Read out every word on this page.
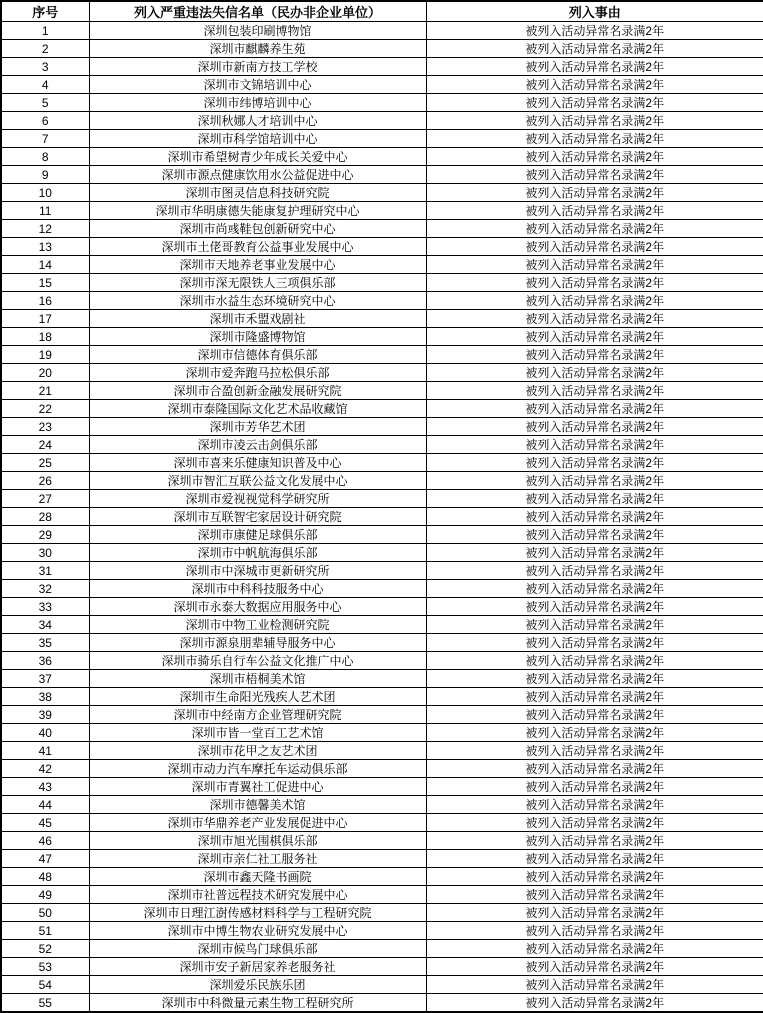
序号	列入严重违法失信名单（民办非企业单位）	列入事由
1	深圳包装印刷博物馆	被列入活动异常名录满2年
2	深圳市麒麟养生苑	被列入活动异常名录满2年
3	深圳市新南方技工学校	被列入活动异常名录满2年
4	深圳市文锦培训中心	被列入活动异常名录满2年
5	深圳市纬博培训中心	被列入活动异常名录满2年
6	深圳秋娜人才培训中心	被列入活动异常名录满2年
7	深圳市科学馆培训中心	被列入活动异常名录满2年
8	深圳市希望树青少年成长关爱中心	被列入活动异常名录满2年
9	深圳市源点健康饮用水公益促进中心	被列入活动异常名录满2年
10	深圳市图灵信息科技研究院	被列入活动异常名录满2年
11	深圳市华明康德失能康复护理研究中心	被列入活动异常名录满2年
12	深圳市尚彧鞋包创新研究中心	被列入活动异常名录满2年
13	深圳市土佬哥教育公益事业发展中心	被列入活动异常名录满2年
14	深圳市天地养老事业发展中心	被列入活动异常名录满2年
15	深圳市深无限铁人三项俱乐部	被列入活动异常名录满2年
16	深圳市水益生态环境研究中心	被列入活动异常名录满2年
17	深圳市禾盟戏剧社	被列入活动异常名录满2年
18	深圳市隆盛博物馆	被列入活动异常名录满2年
19	深圳市信德体育俱乐部	被列入活动异常名录满2年
20	深圳市爱奔跑马拉松俱乐部	被列入活动异常名录满2年
21	深圳市合盈创新金融发展研究院	被列入活动异常名录满2年
22	深圳市泰隆国际文化艺术品收藏馆	被列入活动异常名录满2年
23	深圳市芳华艺术团	被列入活动异常名录满2年
24	深圳市凌云击剑俱乐部	被列入活动异常名录满2年
25	深圳市喜来乐健康知识普及中心	被列入活动异常名录满2年
26	深圳市智汇互联公益文化发展中心	被列入活动异常名录满2年
27	深圳市爱视视觉科学研究所	被列入活动异常名录满2年
28	深圳市互联智宅家居设计研究院	被列入活动异常名录满2年
29	深圳市康健足球俱乐部	被列入活动异常名录满2年
30	深圳市中帆航海俱乐部	被列入活动异常名录满2年
31	深圳市中深城市更新研究所	被列入活动异常名录满2年
32	深圳市中科科技服务中心	被列入活动异常名录满2年
33	深圳市永泰大数据应用服务中心	被列入活动异常名录满2年
34	深圳市中物工业检测研究院	被列入活动异常名录满2年
35	深圳市源泉朋辈辅导服务中心	被列入活动异常名录满2年
36	深圳市骑乐自行车公益文化推广中心	被列入活动异常名录满2年
37	深圳市梧桐美术馆	被列入活动异常名录满2年
38	深圳市生命阳光残疾人艺术团	被列入活动异常名录满2年
39	深圳市中经南方企业管理研究院	被列入活动异常名录满2年
40	深圳市皆一堂百工艺术馆	被列入活动异常名录满2年
41	深圳市花甲之友艺术团	被列入活动异常名录满2年
42	深圳市动力汽车摩托车运动俱乐部	被列入活动异常名录满2年
43	深圳市青翼社工促进中心	被列入活动异常名录满2年
44	深圳市德馨美术馆	被列入活动异常名录满2年
45	深圳市华鼎养老产业发展促进中心	被列入活动异常名录满2年
46	深圳市旭光围棋俱乐部	被列入活动异常名录满2年
47	深圳市亲仁社工服务社	被列入活动异常名录满2年
48	深圳市鑫天隆书画院	被列入活动异常名录满2年
49	深圳市社普远程技术研究发展中心	被列入活动异常名录满2年
50	深圳市日理江澍传感材料科学与工程研究院	被列入活动异常名录满2年
51	深圳市中博生物农业研究发展中心	被列入活动异常名录满2年
52	深圳市候鸟门球俱乐部	被列入活动异常名录满2年
53	深圳市安子新居家养老服务社	被列入活动异常名录满2年
54	深圳爱乐民族乐团	被列入活动异常名录满2年
55	深圳市中科微量元素生物工程研究所	被列入活动异常名录满2年
